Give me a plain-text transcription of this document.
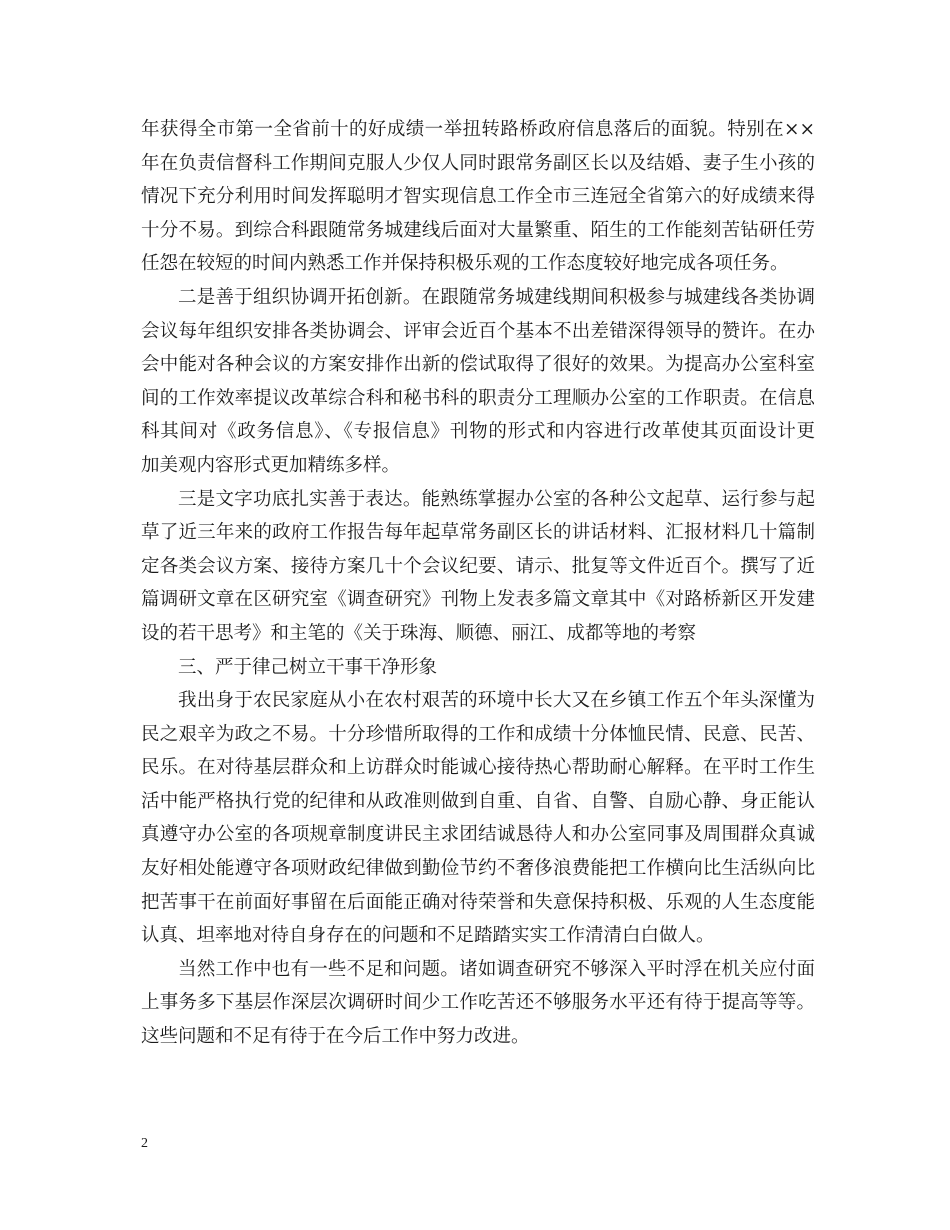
年获得全市第一全省前十的好成绩一举扭转路桥政府信息落后的面貌。特别在××
年在负责信督科工作期间克服人少仅人同时跟常务副区长以及结婚、妻子生小孩的
情况下充分利用时间发挥聪明才智实现信息工作全市三连冠全省第六的好成绩来得
十分不易。到综合科跟随常务城建线后面对大量繁重、陌生的工作能刻苦钻研任劳
任怨在较短的时间内熟悉工作并保持积极乐观的工作态度较好地完成各项任务。
二是善于组织协调开拓创新。在跟随常务城建线期间积极参与城建线各类协调
会议每年组织安排各类协调会、评审会近百个基本不出差错深得领导的赞许。在办
会中能对各种会议的方案安排作出新的偿试取得了很好的效果。为提高办公室科室
间的工作效率提议改革综合科和秘书科的职责分工理顺办公室的工作职责。在信息
科其间对《政务信息》、《专报信息》刊物的形式和内容进行改革使其页面设计更
加美观内容形式更加精练多样。
三是文字功底扎实善于表达。能熟练掌握办公室的各种公文起草、运行参与起
草了近三年来的政府工作报告每年起草常务副区长的讲话材料、汇报材料几十篇制
定各类会议方案、接待方案几十个会议纪要、请示、批复等文件近百个。撰写了近
篇调研文章在区研究室《调查研究》刊物上发表多篇文章其中《对路桥新区开发建
设的若干思考》和主笔的《关于珠海、顺德、丽江、成都等地的考察
三、严于律己树立干事干净形象
我出身于农民家庭从小在农村艰苦的环境中长大又在乡镇工作五个年头深懂为
民之艰辛为政之不易。十分珍惜所取得的工作和成绩十分体恤民情、民意、民苦、
民乐。在对待基层群众和上访群众时能诚心接待热心帮助耐心解释。在平时工作生
活中能严格执行党的纪律和从政准则做到自重、自省、自警、自励心静、身正能认
真遵守办公室的各项规章制度讲民主求团结诚恳待人和办公室同事及周围群众真诚
友好相处能遵守各项财政纪律做到勤俭节约不奢侈浪费能把工作横向比生活纵向比
把苦事干在前面好事留在后面能正确对待荣誉和失意保持积极、乐观的人生态度能
认真、坦率地对待自身存在的问题和不足踏踏实实工作清清白白做人。
当然工作中也有一些不足和问题。诸如调查研究不够深入平时浮在机关应付面
上事务多下基层作深层次调研时间少工作吃苦还不够服务水平还有待于提高等等。
这些问题和不足有待于在今后工作中努力改进。
2
